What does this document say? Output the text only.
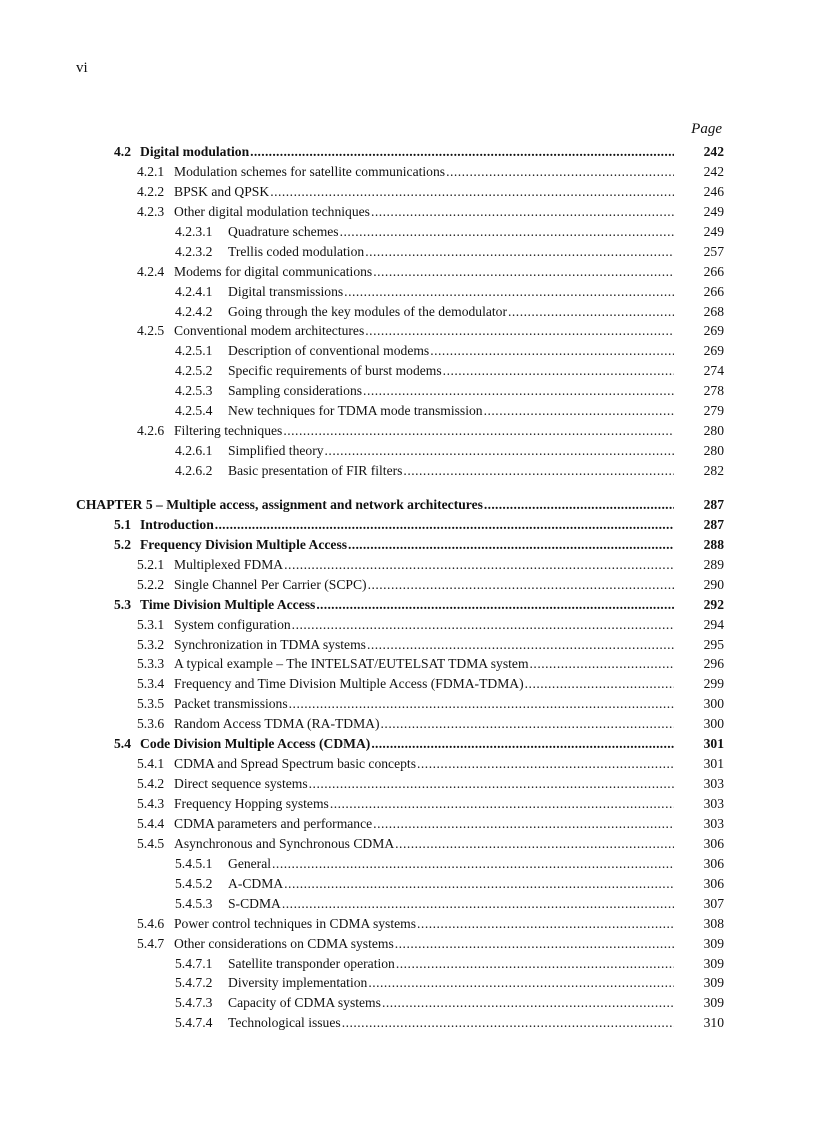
vi
Page
4.2 Digital modulation .....	242
4.2.1 Modulation schemes for satellite communications .....	242
4.2.2 BPSK and QPSK .....	246
4.2.3 Other digital modulation techniques .....	249
4.2.3.1	Quadrature schemes .....	249
4.2.3.2	Trellis coded modulation .....	257
4.2.4 Modems for digital communications .....	266
4.2.4.1	Digital transmissions .....	266
4.2.4.2	Going through the key modules of the demodulator .....	268
4.2.5 Conventional modem architectures .....	269
4.2.5.1	Description of conventional modems .....	269
4.2.5.2	Specific requirements of burst modems .....	274
4.2.5.3	Sampling considerations .....	278
4.2.5.4	New techniques for TDMA mode transmission .....	279
4.2.6 Filtering techniques .....	280
4.2.6.1	Simplified theory .....	280
4.2.6.2	Basic presentation of FIR filters .....	282
CHAPTER 5 – Multiple access, assignment and network architectures .....	287
5.1 Introduction .....	287
5.2 Frequency Division Multiple Access .....	288
5.2.1 Multiplexed FDMA .....	289
5.2.2 Single Channel Per Carrier (SCPC) .....	290
5.3 Time Division Multiple Access .....	292
5.3.1 System configuration .....	294
5.3.2 Synchronization in TDMA systems .....	295
5.3.3 A typical example – The INTELSAT/EUTELSAT TDMA system .....	296
5.3.4 Frequency and Time Division Multiple Access (FDMA-TDMA) .....	299
5.3.5 Packet transmissions .....	300
5.3.6 Random Access TDMA (RA-TDMA) .....	300
5.4 Code Division Multiple Access (CDMA) .....	301
5.4.1 CDMA and Spread Spectrum basic concepts .....	301
5.4.2 Direct sequence systems .....	303
5.4.3 Frequency Hopping systems .....	303
5.4.4 CDMA parameters and performance .....	303
5.4.5 Asynchronous and Synchronous CDMA .....	306
5.4.5.1	General .....	306
5.4.5.2	A-CDMA .....	306
5.4.5.3	S-CDMA .....	307
5.4.6 Power control techniques in CDMA systems .....	308
5.4.7 Other considerations on CDMA systems .....	309
5.4.7.1	Satellite transponder operation .....	309
5.4.7.2	Diversity implementation .....	309
5.4.7.3	Capacity of CDMA systems .....	309
5.4.7.4	Technological issues .....	310
